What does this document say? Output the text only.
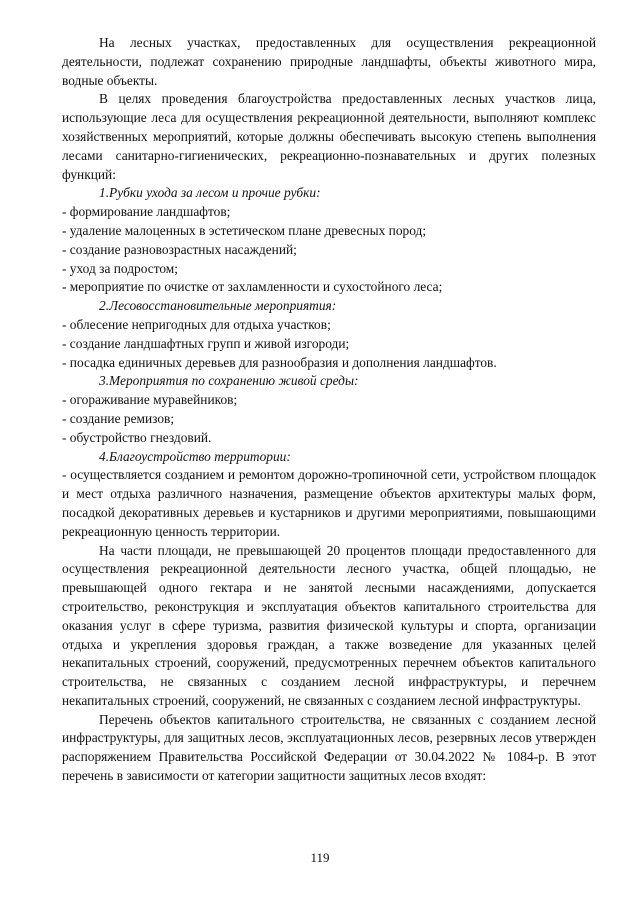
На лесных участках, предоставленных для осуществления рекреационной деятельности, подлежат сохранению природные ландшафты, объекты животного мира, водные объекты.

В целях проведения благоустройства предоставленных лесных участков лица, использующие леса для осуществления рекреационной деятельности, выполняют комплекс хозяйственных мероприятий, которые должны обеспечивать высокую степень выполнения лесами санитарно-гигиенических, рекреационно-познавательных и других полезных функций:

1.Рубки ухода за лесом и прочие рубки:

- формирование ландшафтов;

- удаление малоценных в эстетическом плане древесных пород;

- создание разновозрастных насаждений;

- уход за подростом;

- мероприятие по очистке от захламленности и сухостойного леса;

2.Лесовосстановительные мероприятия:

- облесение непригодных для отдыха участков;

- создание ландшафтных групп и живой изгороди;

- посадка единичных деревьев для разнообразия и дополнения ландшафтов.

3.Мероприятия по сохранению живой среды:

- огораживание муравейников;

- создание ремизов;

- обустройство гнездовий.

4.Благоустройство территории:

- осуществляется созданием и ремонтом дорожно-тропиночной сети, устройством площадок и мест отдыха различного назначения, размещение объектов архитектуры малых форм, посадкой декоративных деревьев и кустарников и другими мероприятиями, повышающими рекреационную ценность территории.

На части площади, не превышающей 20 процентов площади предоставленного для осуществления рекреационной деятельности лесного участка, общей площадью, не превышающей одного гектара и не занятой лесными насаждениями, допускается строительство, реконструкция и эксплуатация объектов капитального строительства для оказания услуг в сфере туризма, развития физической культуры и спорта, организации отдыха и укрепления здоровья граждан, а также возведение для указанных целей некапитальных строений, сооружений, предусмотренных перечнем объектов капитального строительства, не связанных с созданием лесной инфраструктуры, и перечнем некапитальных строений, сооружений, не связанных с созданием лесной инфраструктуры.

Перечень объектов капитального строительства, не связанных с созданием лесной инфраструктуры, для защитных лесов, эксплуатационных лесов, резервных лесов утвержден распоряжением Правительства Российской Федерации от 30.04.2022 № 1084-р. В этот перечень в зависимости от категории защитности защитных лесов входят:

119
